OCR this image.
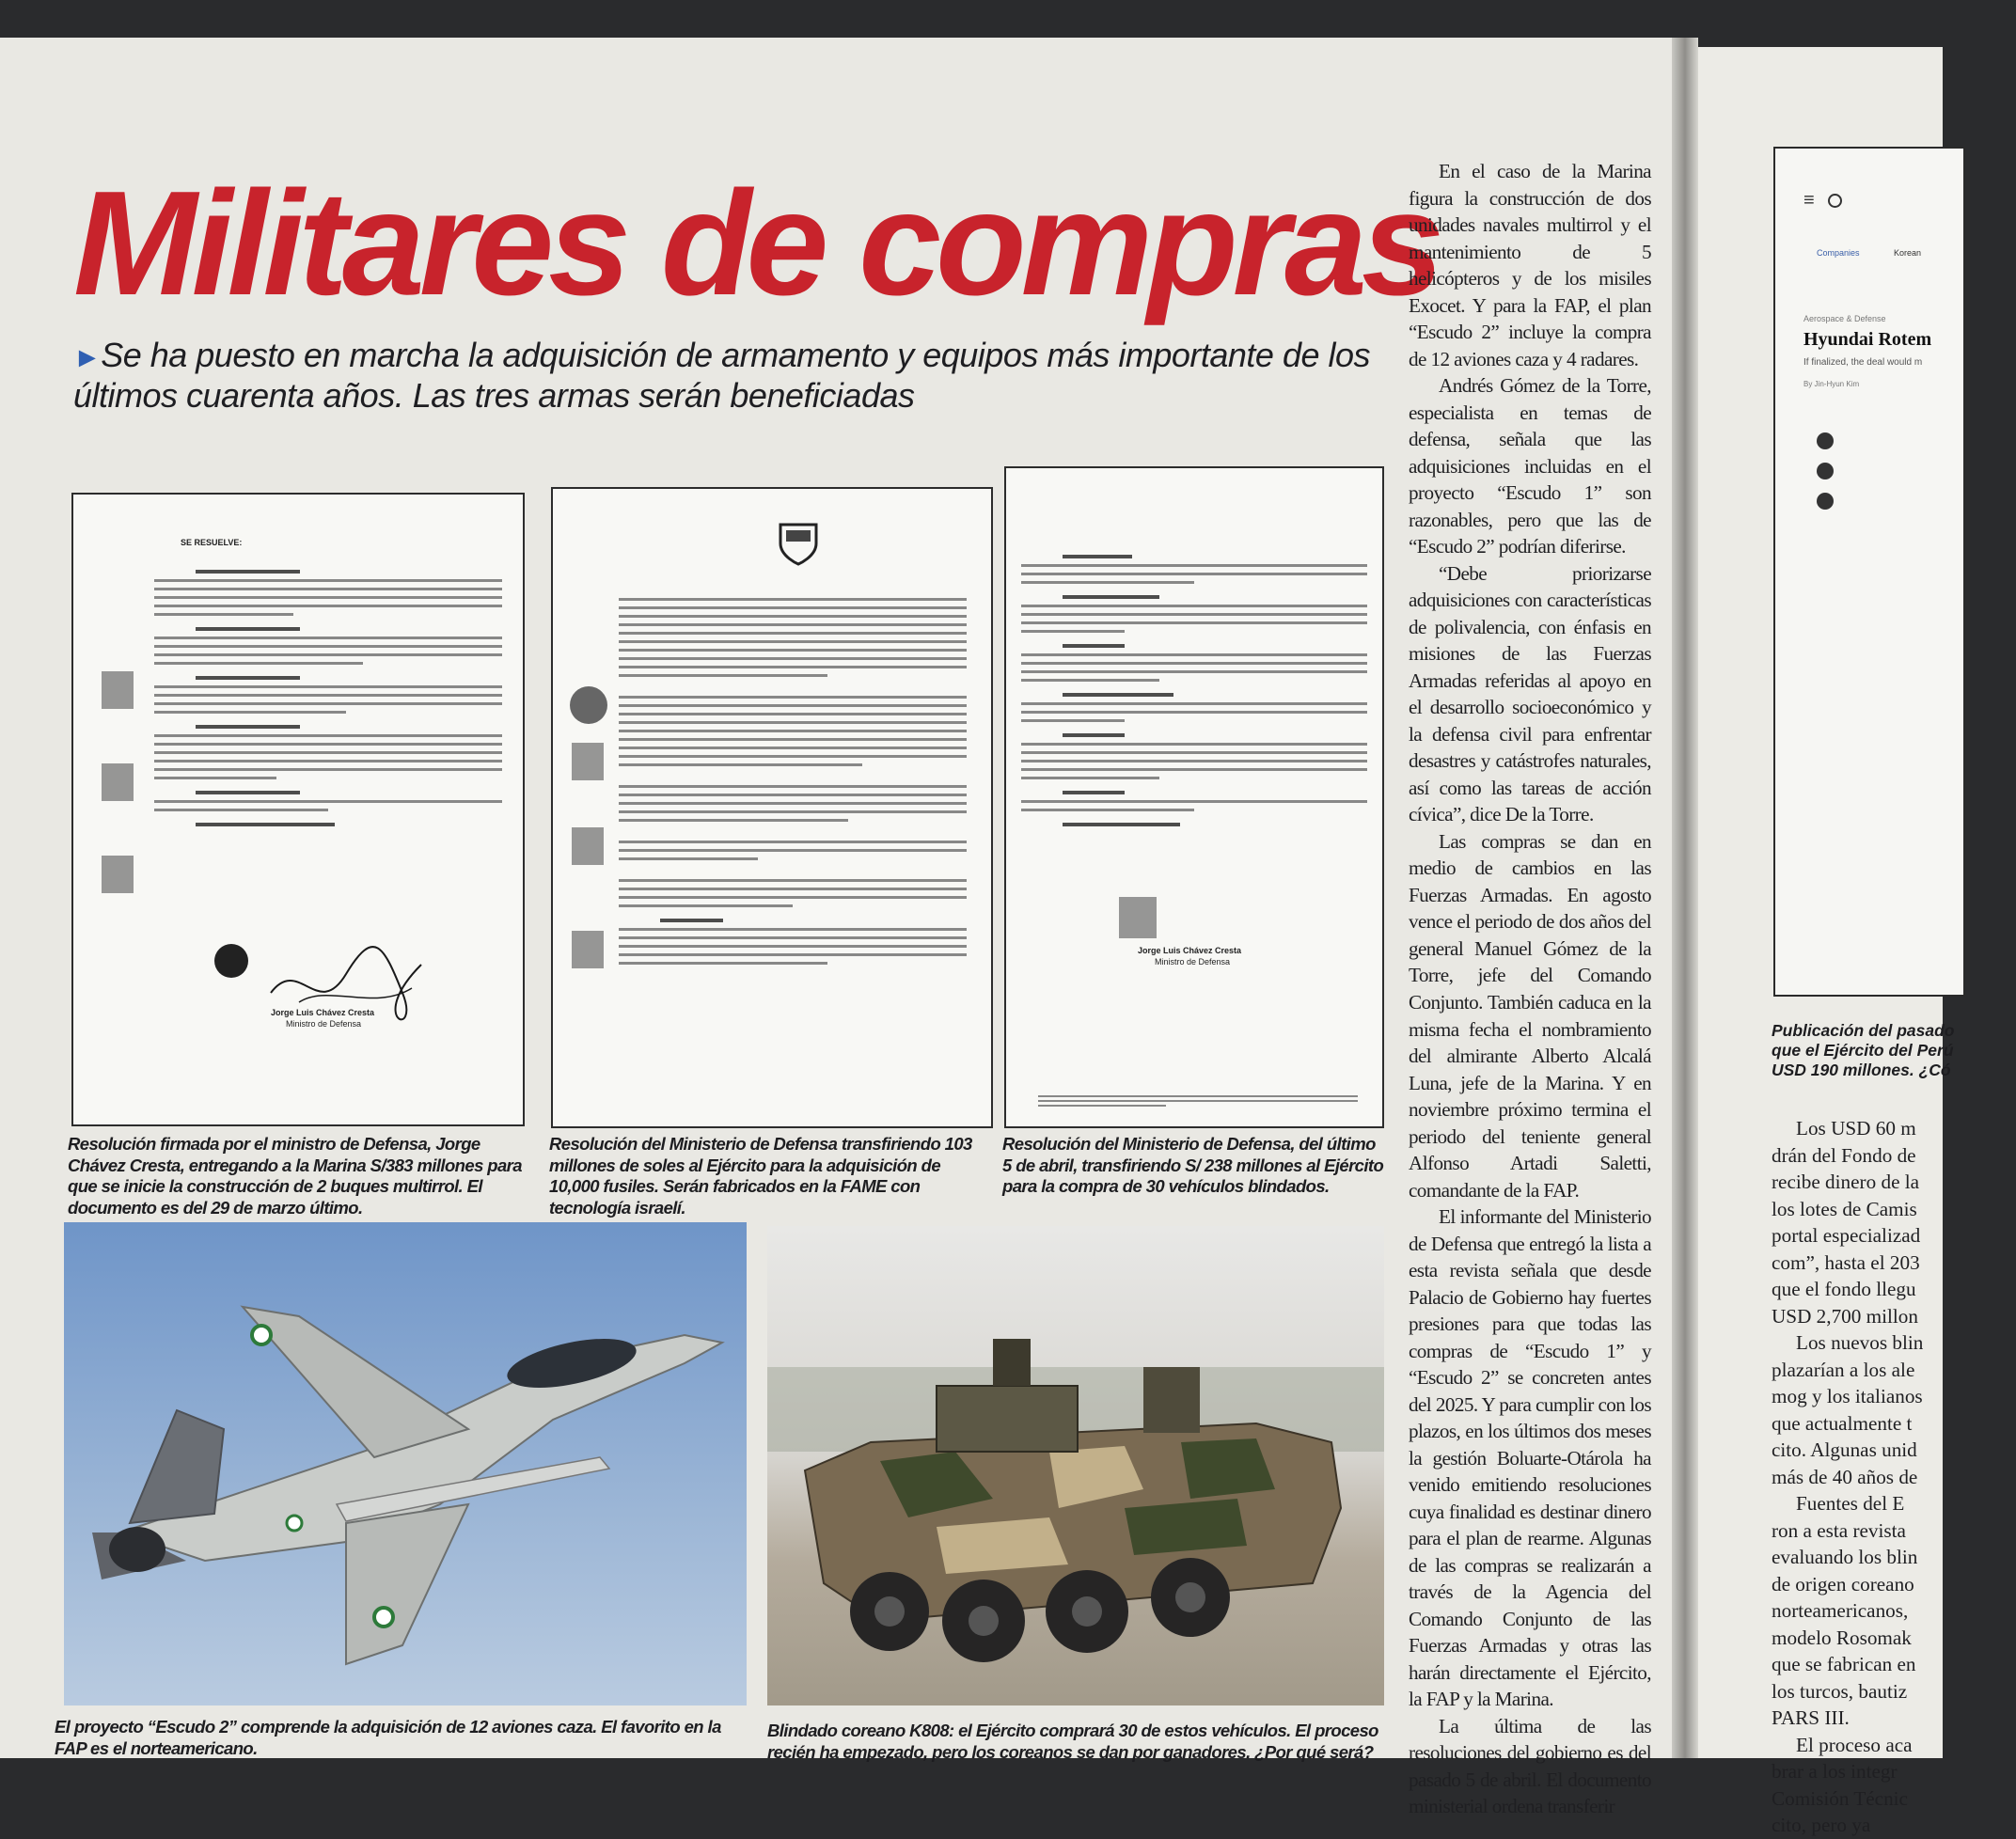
Militares de compras

►Se ha puesto en marcha la adquisición de armamento y equipos más importante de los últimos cuarenta años. Las tres armas serán beneficiadas

SE RESUELVE:
Jorge Luis Chávez Cresta
Ministro de Defensa
Jorge Luis Chávez Cresta
Ministro de Defensa

Resolución firmada por el ministro de Defensa, Jorge Chávez Cresta, entregando a la Marina S/383 millones para que se inicie la construcción de 2 buques multirrol. El documento es del 29 de marzo último.

Resolución del Ministerio de Defensa transfiriendo 103 millones de soles al Ejército para la adquisición de 10,000 fusiles. Serán fabricados en la FAME con tecnología israelí.

Resolución del Ministerio de Defensa, del último 5 de abril, transfiriendo S/ 238 millones al Ejército para la compra de 30 vehículos blindados.

El proyecto “Escudo 2” comprende la adquisición de 12 aviones caza. El favorito en la FAP es el norteamericano.

Blindado coreano K808: el Ejército comprará 30 de estos vehículos. El proceso recién ha empezado, pero los coreanos se dan por ganadores. ¿Por qué será?

En el caso de la Marina figura la construcción de dos unidades navales multirrol y el mantenimiento de 5 helicópteros y de los misiles Exocet. Y para la FAP, el plan “Escudo 2” incluye la compra de 12 aviones caza y 4 radares.

Andrés Gómez de la Torre, especialista en temas de defensa, señala que las adquisiciones incluidas en el proyecto “Escudo 1” son razonables, pero que las de “Escudo 2” podrían diferirse.

“Debe priorizarse adquisiciones con características de polivalencia, con énfasis en misiones de las Fuerzas Armadas referidas al apoyo en el desarrollo socioeconómico y la defensa civil para enfrentar desastres y catástrofes naturales, así como las tareas de acción cívica”, dice De la Torre.

Las compras se dan en medio de cambios en las Fuerzas Armadas. En agosto vence el periodo de dos años del general Manuel Gómez de la Torre, jefe del Comando Conjunto. También caduca en la misma fecha el nombramiento del almirante Alberto Alcalá Luna, jefe de la Marina. Y en noviembre próximo termina el periodo del teniente general Alfonso Artadi Saletti, comandante de la FAP.

El informante del Ministerio de Defensa que entregó la lista a esta revista señala que desde Palacio de Gobierno hay fuertes presiones para que todas las compras de “Escudo 1” y “Escudo 2” se concreten antes del 2025. Y para cumplir con los plazos, en los últimos dos meses la gestión Boluarte-Otárola ha venido emitiendo resoluciones cuya finalidad es destinar dinero para el plan de rearme. Algunas de las compras se realizarán a través de la Agencia del Comando Conjunto de las Fuerzas Armadas y otras las harán directamente el Ejército, la FAP y la Marina.

La última de las resoluciones del gobierno es del pasado 5 de abril. El documento ministerial ordena transferir

≡
Companies	Korean
Aerospace & Defense
Hyundai Rotem
If finalized, the deal would m
By Jin-Hyun Kim

Publicación del pasado
que el Ejército del Perú
USD 190 millones. ¿Có

Los USD 60 m

drán del Fondo de

recibe dinero de la

los lotes de Camis

portal especializad

com”, hasta el 203

que el fondo llegu

USD 2,700 millon

Los nuevos blin

plazarían a los ale

mog y los italianos

que actualmente t

cito. Algunas unid

más de 40 años de

Fuentes del E

ron a esta revista

evaluando los blin

de origen coreano

norteamericanos,

modelo Rosomak

que se fabrican en

los turcos, bautiz

PARS III.

El proceso aca

brar a los integr

Comisión Técnic

cito, pero ya
